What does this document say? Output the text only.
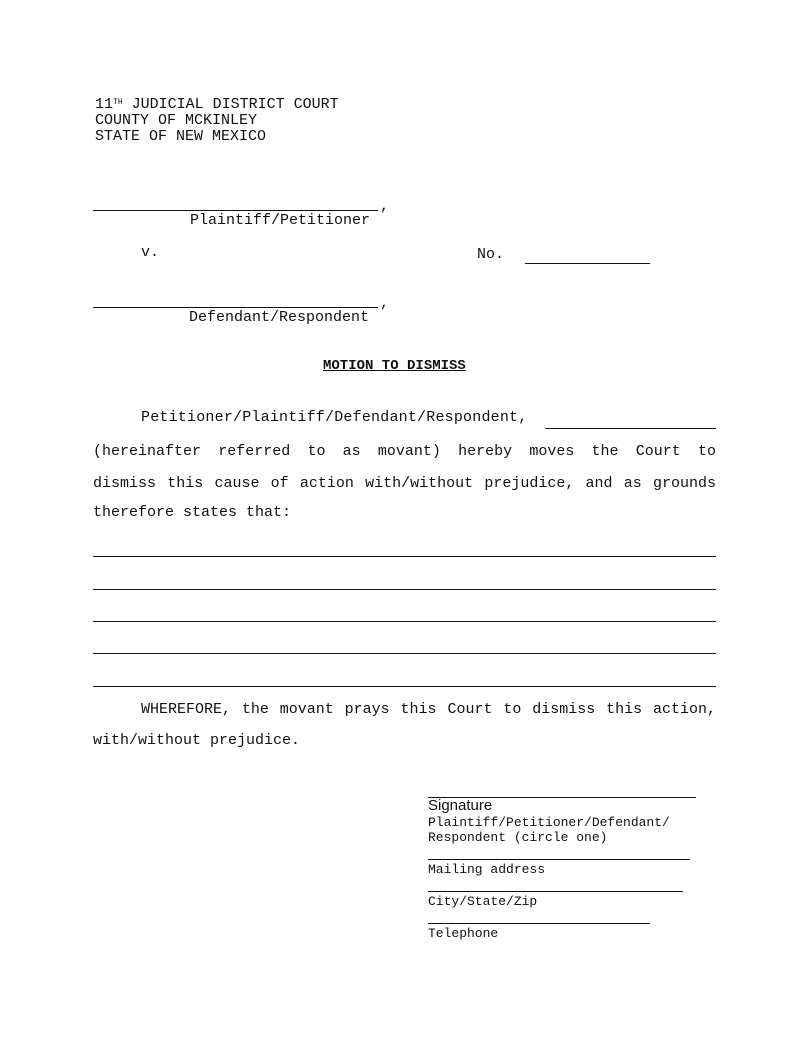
11TH JUDICIAL DISTRICT COURT
COUNTY OF MCKINLEY
STATE OF NEW MEXICO
,
Plaintiff/Petitioner
v.	No.
,
Defendant/Respondent
MOTION TO DISMISS
Petitioner/Plaintiff/Defendant/Respondent,
(hereinafter referred to as movant) hereby moves the Court to
dismiss this cause of action with/without prejudice, and as grounds
therefore states that:
WHEREFORE, the movant prays this Court to dismiss this action,
with/without prejudice.
Signature
Plaintiff/Petitioner/Defendant/
Respondent (circle one)
Mailing address
City/State/Zip
Telephone
